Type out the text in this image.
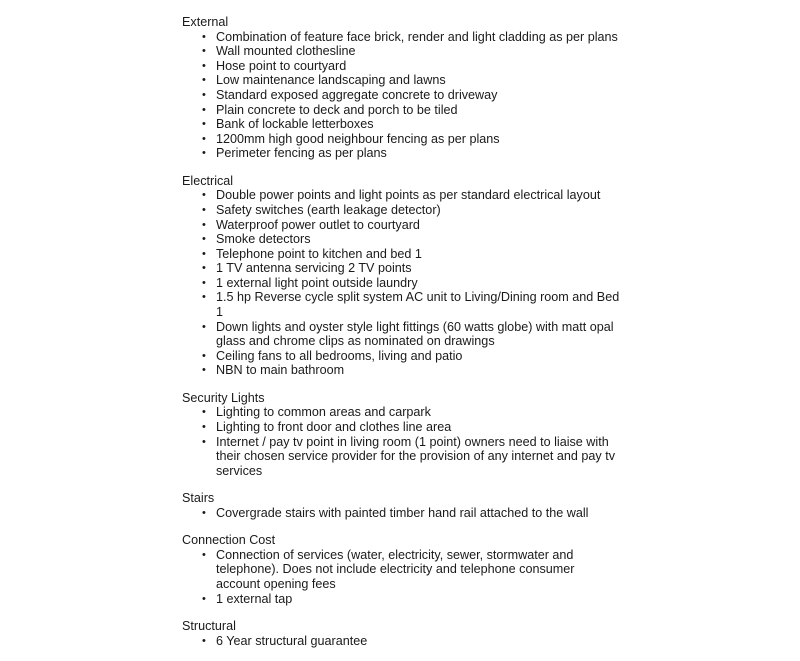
External

• Combination of feature face brick, render and light cladding as per plans
• Wall mounted clothesline
• Hose point to courtyard
• Low maintenance landscaping and lawns
• Standard exposed aggregate concrete to driveway
• Plain concrete to deck and porch to be tiled
• Bank of lockable letterboxes
• 1200mm high good neighbour fencing as per plans
• Perimeter fencing as per plans

Electrical

• Double power points and light points as per standard electrical layout
• Safety switches (earth leakage detector)
• Waterproof power outlet to courtyard
• Smoke detectors
• Telephone point to kitchen and bed 1
• 1 TV antenna servicing 2 TV points
• 1 external light point outside laundry
• 1.5 hp Reverse cycle split system AC unit to Living/Dining room and Bed 1
• Down lights and oyster style light fittings (60 watts globe) with matt opal glass and chrome clips as nominated on drawings
• Ceiling fans to all bedrooms, living and patio
• NBN to main bathroom

Security Lights

• Lighting to common areas and carpark
• Lighting to front door and clothes line area
• Internet / pay tv point in living room (1 point) owners need to liaise with their chosen service provider for the provision of any internet and pay tv services

Stairs

• Covergrade stairs with painted timber hand rail attached to the wall

Connection Cost

• Connection of services (water, electricity, sewer, stormwater and telephone). Does not include electricity and telephone consumer account opening fees
• 1 external tap

Structural

• 6 Year structural guarantee
